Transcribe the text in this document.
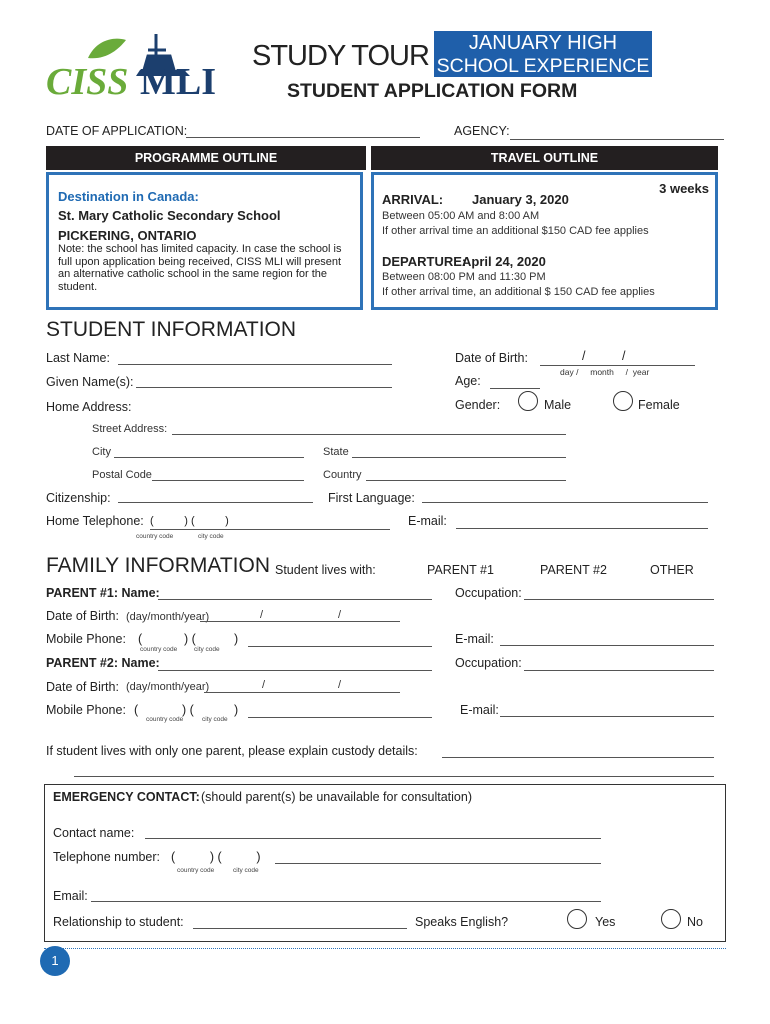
CISS MLI
STUDY TOUR	JANUARY HIGH
SCHOOL EXPERIENCE
STUDENT APPLICATION FORM
DATE OF APPLICATION:	AGENCY:
PROGRAMME OUTLINE	TRAVEL OUTLINE
Destination in Canada:
St. Mary Catholic Secondary School
PICKERING, ONTARIO
Note: the school has limited capacity. In case the school is full upon application being received, CISS MLI will present an alternative catholic school in the same region for the student.
3 weeks
ARRIVAL: January 3, 2020
Between 05:00 AM and 8:00 AM
If other arrival time an additional $150 CAD fee applies
DEPARTURE:
April 24, 2020
Between 08:00 PM and 11:30 PM
If other arrival time, an additional $ 150 CAD fee applies
STUDENT INFORMATION
Last Name:
Given Name(s):
Home Address:
Date of Birth:	/	/
day /     month     /  year
Age:
Gender:	Male	Female
Street Address:
City	State
Postal Code	Country
Citizenship:	First Language:
Home Telephone: (          ) (          )
country code	city code
E-mail:
FAMILY INFORMATION Student lives with:	PARENT #1	PARENT #2	OTHER
PARENT #1: Name:	Occupation:
Date of Birth: (day/month/year)	/	/
Mobile Phone: (	) (	)
country code	city code
E-mail:
PARENT #2: Name:	Occupation:
Date of Birth: (day/month/year)	/	/
Mobile Phone: (	) (	)
country code	city code
E-mail:
If student lives with only one parent, please explain custody details:
EMERGENCY CONTACT: (should parent(s) be unavailable for consultation)
Contact name:
Telephone number: (          ) (          )
country code	city code
Email:
Relationship to student:	Speaks English?	Yes	No
1
